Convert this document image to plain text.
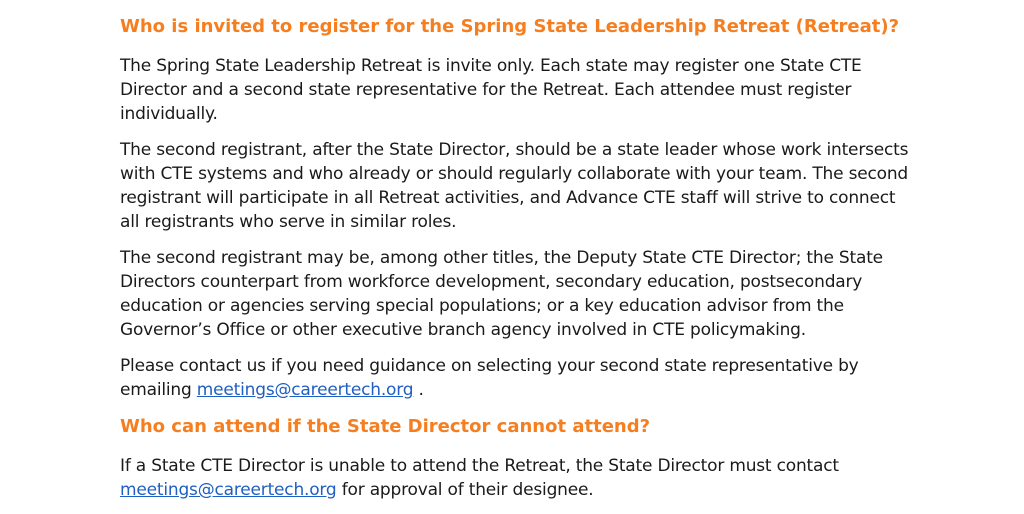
Who is invited to register for the Spring State Leadership Retreat (Retreat)?

The Spring State Leadership Retreat is invite only. Each state may register one State CTE Director and a second state representative for the Retreat. Each attendee must register individually.

The second registrant, after the State Director, should be a state leader whose work intersects with CTE systems and who already or should regularly collaborate with your team. The second registrant will participate in all Retreat activities, and Advance CTE staff will strive to connect all registrants who serve in similar roles.

The second registrant may be, among other titles, the Deputy State CTE Director; the State Directors counterpart from workforce development, secondary education, postsecondary education or agencies serving special populations; or a key education advisor from the Governor’s Office or other executive branch agency involved in CTE policymaking.

Please contact us if you need guidance on selecting your second state representative by emailing meetings@careertech.org .

Who can attend if the State Director cannot attend?

If a State CTE Director is unable to attend the Retreat, the State Director must contact meetings@careertech.org for approval of their designee.
